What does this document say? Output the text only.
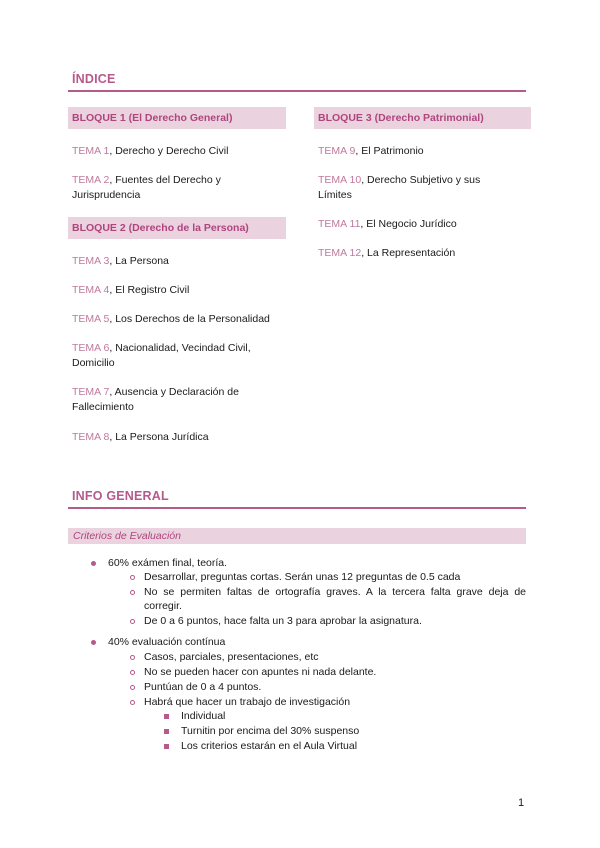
ÍNDICE
BLOQUE 1 (El Derecho General)
TEMA 1, Derecho y Derecho Civil
TEMA 2, Fuentes del Derecho y Jurisprudencia
BLOQUE 2 (Derecho de la Persona)
TEMA 3, La Persona
TEMA 4, El Registro Civil
TEMA 5, Los Derechos de la Personalidad
TEMA 6, Nacionalidad, Vecindad Civil, Domicilio
TEMA 7, Ausencia y Declaración de Fallecimiento
TEMA 8, La Persona Jurídica
BLOQUE 3 (Derecho Patrimonial)
TEMA 9, El Patrimonio
TEMA 10, Derecho Subjetivo y sus Límites
TEMA 11, El Negocio Jurídico
TEMA 12, La Representación
INFO GENERAL
Criterios de Evaluación
60% exámen final, teoría.
Desarrollar, preguntas cortas. Serán unas 12 preguntas de 0.5 cada
No se permiten faltas de ortografía graves. A la tercera falta grave deja de corregir.
De 0 a 6 puntos, hace falta un 3 para aprobar la asignatura.
40% evaluación contínua
Casos, parciales, presentaciones, etc
No se pueden hacer con apuntes ni nada delante.
Puntúan de 0 a 4 puntos.
Habrá que hacer un trabajo de investigación
Individual
Turnitin por encima del 30% suspenso
Los criterios estarán en el Aula Virtual
1
